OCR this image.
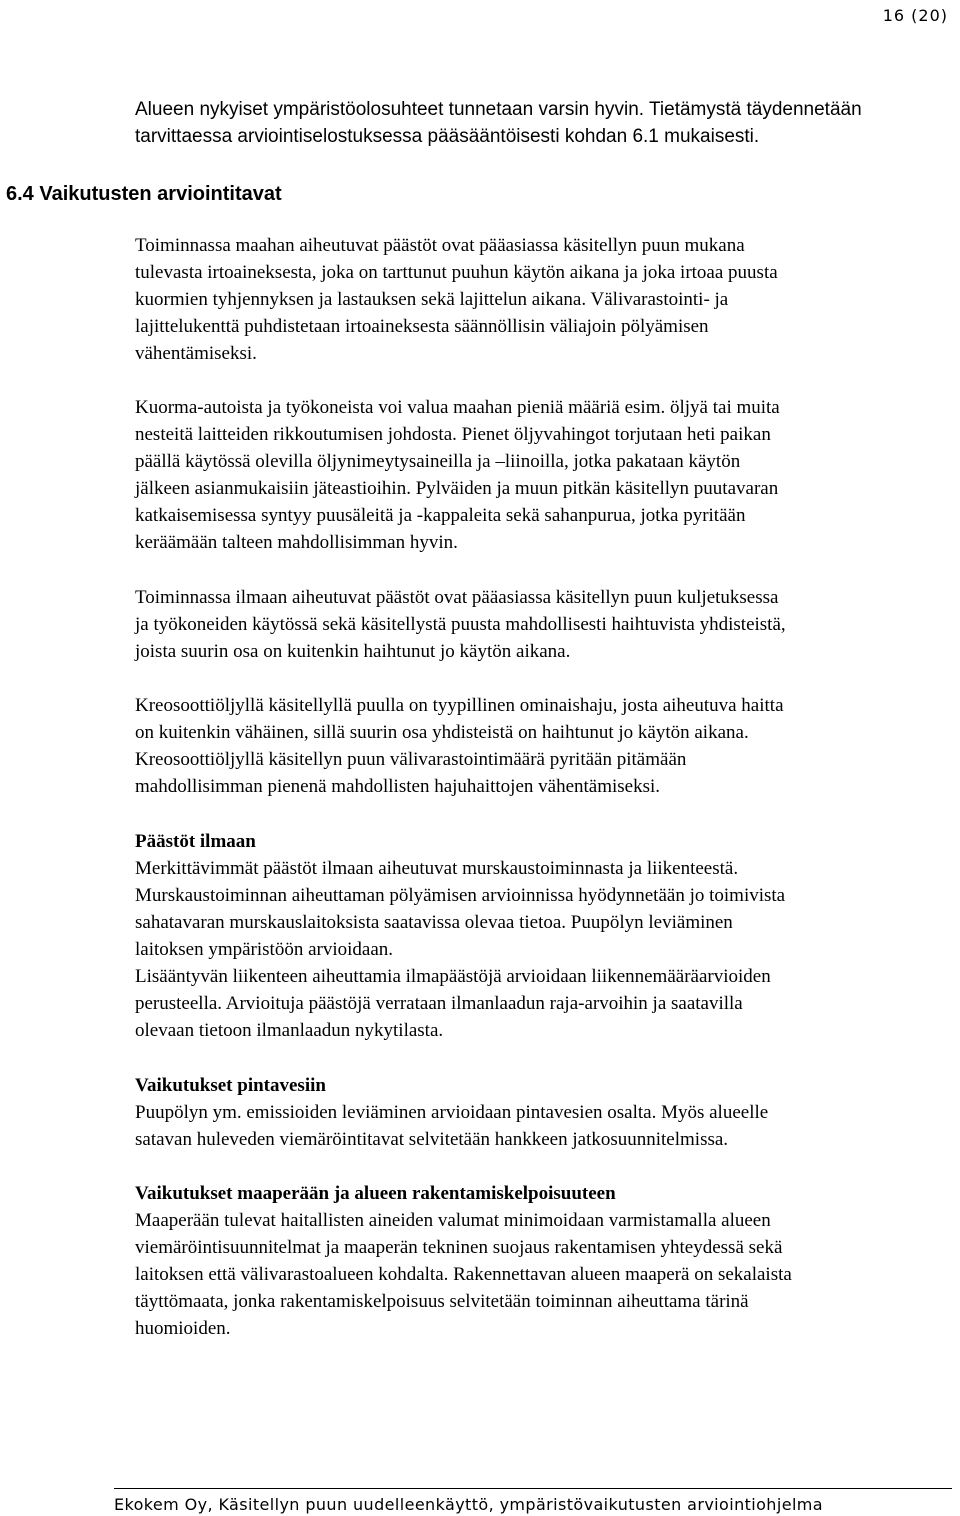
16 (20)
Alueen nykyiset ympäristöolosuhteet tunnetaan varsin hyvin. Tietämystä täydennetään
tarvittaessa arviointiselostuksessa pääsääntöisesti kohdan 6.1 mukaisesti.
6.4 Vaikutusten arviointitavat
Toiminnassa maahan aiheutuvat päästöt ovat pääasiassa käsitellyn puun mukana
tulevasta irtoaineksesta, joka on tarttunut puuhun käytön aikana ja joka irtoaa puusta
kuormien tyhjennyksen ja lastauksen sekä lajittelun aikana. Välivarastointi- ja
lajittelukenttä puhdistetaan irtoaineksesta säännöllisin väliajoin pölyämisen
vähentämiseksi.
Kuorma-autoista ja työkoneista voi valua maahan pieniä määriä esim. öljyä tai muita
nesteitä laitteiden rikkoutumisen johdosta. Pienet öljyvahingot torjutaan heti paikan
päällä käytössä olevilla öljynimeytysaineilla ja –liinoilla, jotka pakataan käytön
jälkeen asianmukaisiin jäteastioihin. Pylväiden ja muun pitkän käsitellyn puutavaran
katkaisemisessa syntyy puusäleitä ja -kappaleita sekä sahanpurua, jotka pyritään
keräämään talteen mahdollisimman hyvin.
Toiminnassa ilmaan aiheutuvat päästöt ovat pääasiassa käsitellyn puun kuljetuksessa
ja työkoneiden käytössä sekä käsitellystä puusta mahdollisesti haihtuvista yhdisteistä,
joista suurin osa on kuitenkin haihtunut jo käytön aikana.
Kreosoottiöljyllä käsitellyllä puulla on tyypillinen ominaishaju, josta aiheutuva haitta
on kuitenkin vähäinen, sillä suurin osa yhdisteistä on haihtunut jo käytön aikana.
Kreosoottiöljyllä käsitellyn puun välivarastointimäärä pyritään pitämään
mahdollisimman pienenä mahdollisten hajuhaittojen vähentämiseksi.
Päästöt ilmaan
Merkittävimmät päästöt ilmaan aiheutuvat murskaustoiminnasta ja liikenteestä.
Murskaustoiminnan aiheuttaman pölyämisen arvioinnissa hyödynnetään jo toimivista
sahatavaran murskauslaitoksista saatavissa olevaa tietoa. Puupölyn leviäminen
laitoksen ympäristöön arvioidaan.
Lisääntyvän liikenteen aiheuttamia ilmapäästöjä arvioidaan liikennemääräarvioiden
perusteella. Arvioituja päästöjä verrataan ilmanlaadun raja-arvoihin ja saatavilla
olevaan tietoon ilmanlaadun nykytilasta.
Vaikutukset pintavesiin
Puupölyn ym. emissioiden leviäminen arvioidaan pintavesien osalta. Myös alueelle
satavan huleveden viemäröintitavat selvitetään hankkeen jatkosuunnitelmissa.
Vaikutukset maaperään ja alueen rakentamiskelpoisuuteen
Maaperään tulevat haitallisten aineiden valumat minimoidaan varmistamalla alueen
viemäröintisuunnitelmat ja maaperän tekninen suojaus rakentamisen yhteydessä sekä
laitoksen että välivarastoalueen kohdalta. Rakennettavan alueen maaperä on sekalaista
täyttömaata, jonka rakentamiskelpoisuus selvitetään toiminnan aiheuttama tärinä
huomioiden.
Ekokem Oy, Käsitellyn puun uudelleenkäyttö, ympäristövaikutusten arviointiohjelma
